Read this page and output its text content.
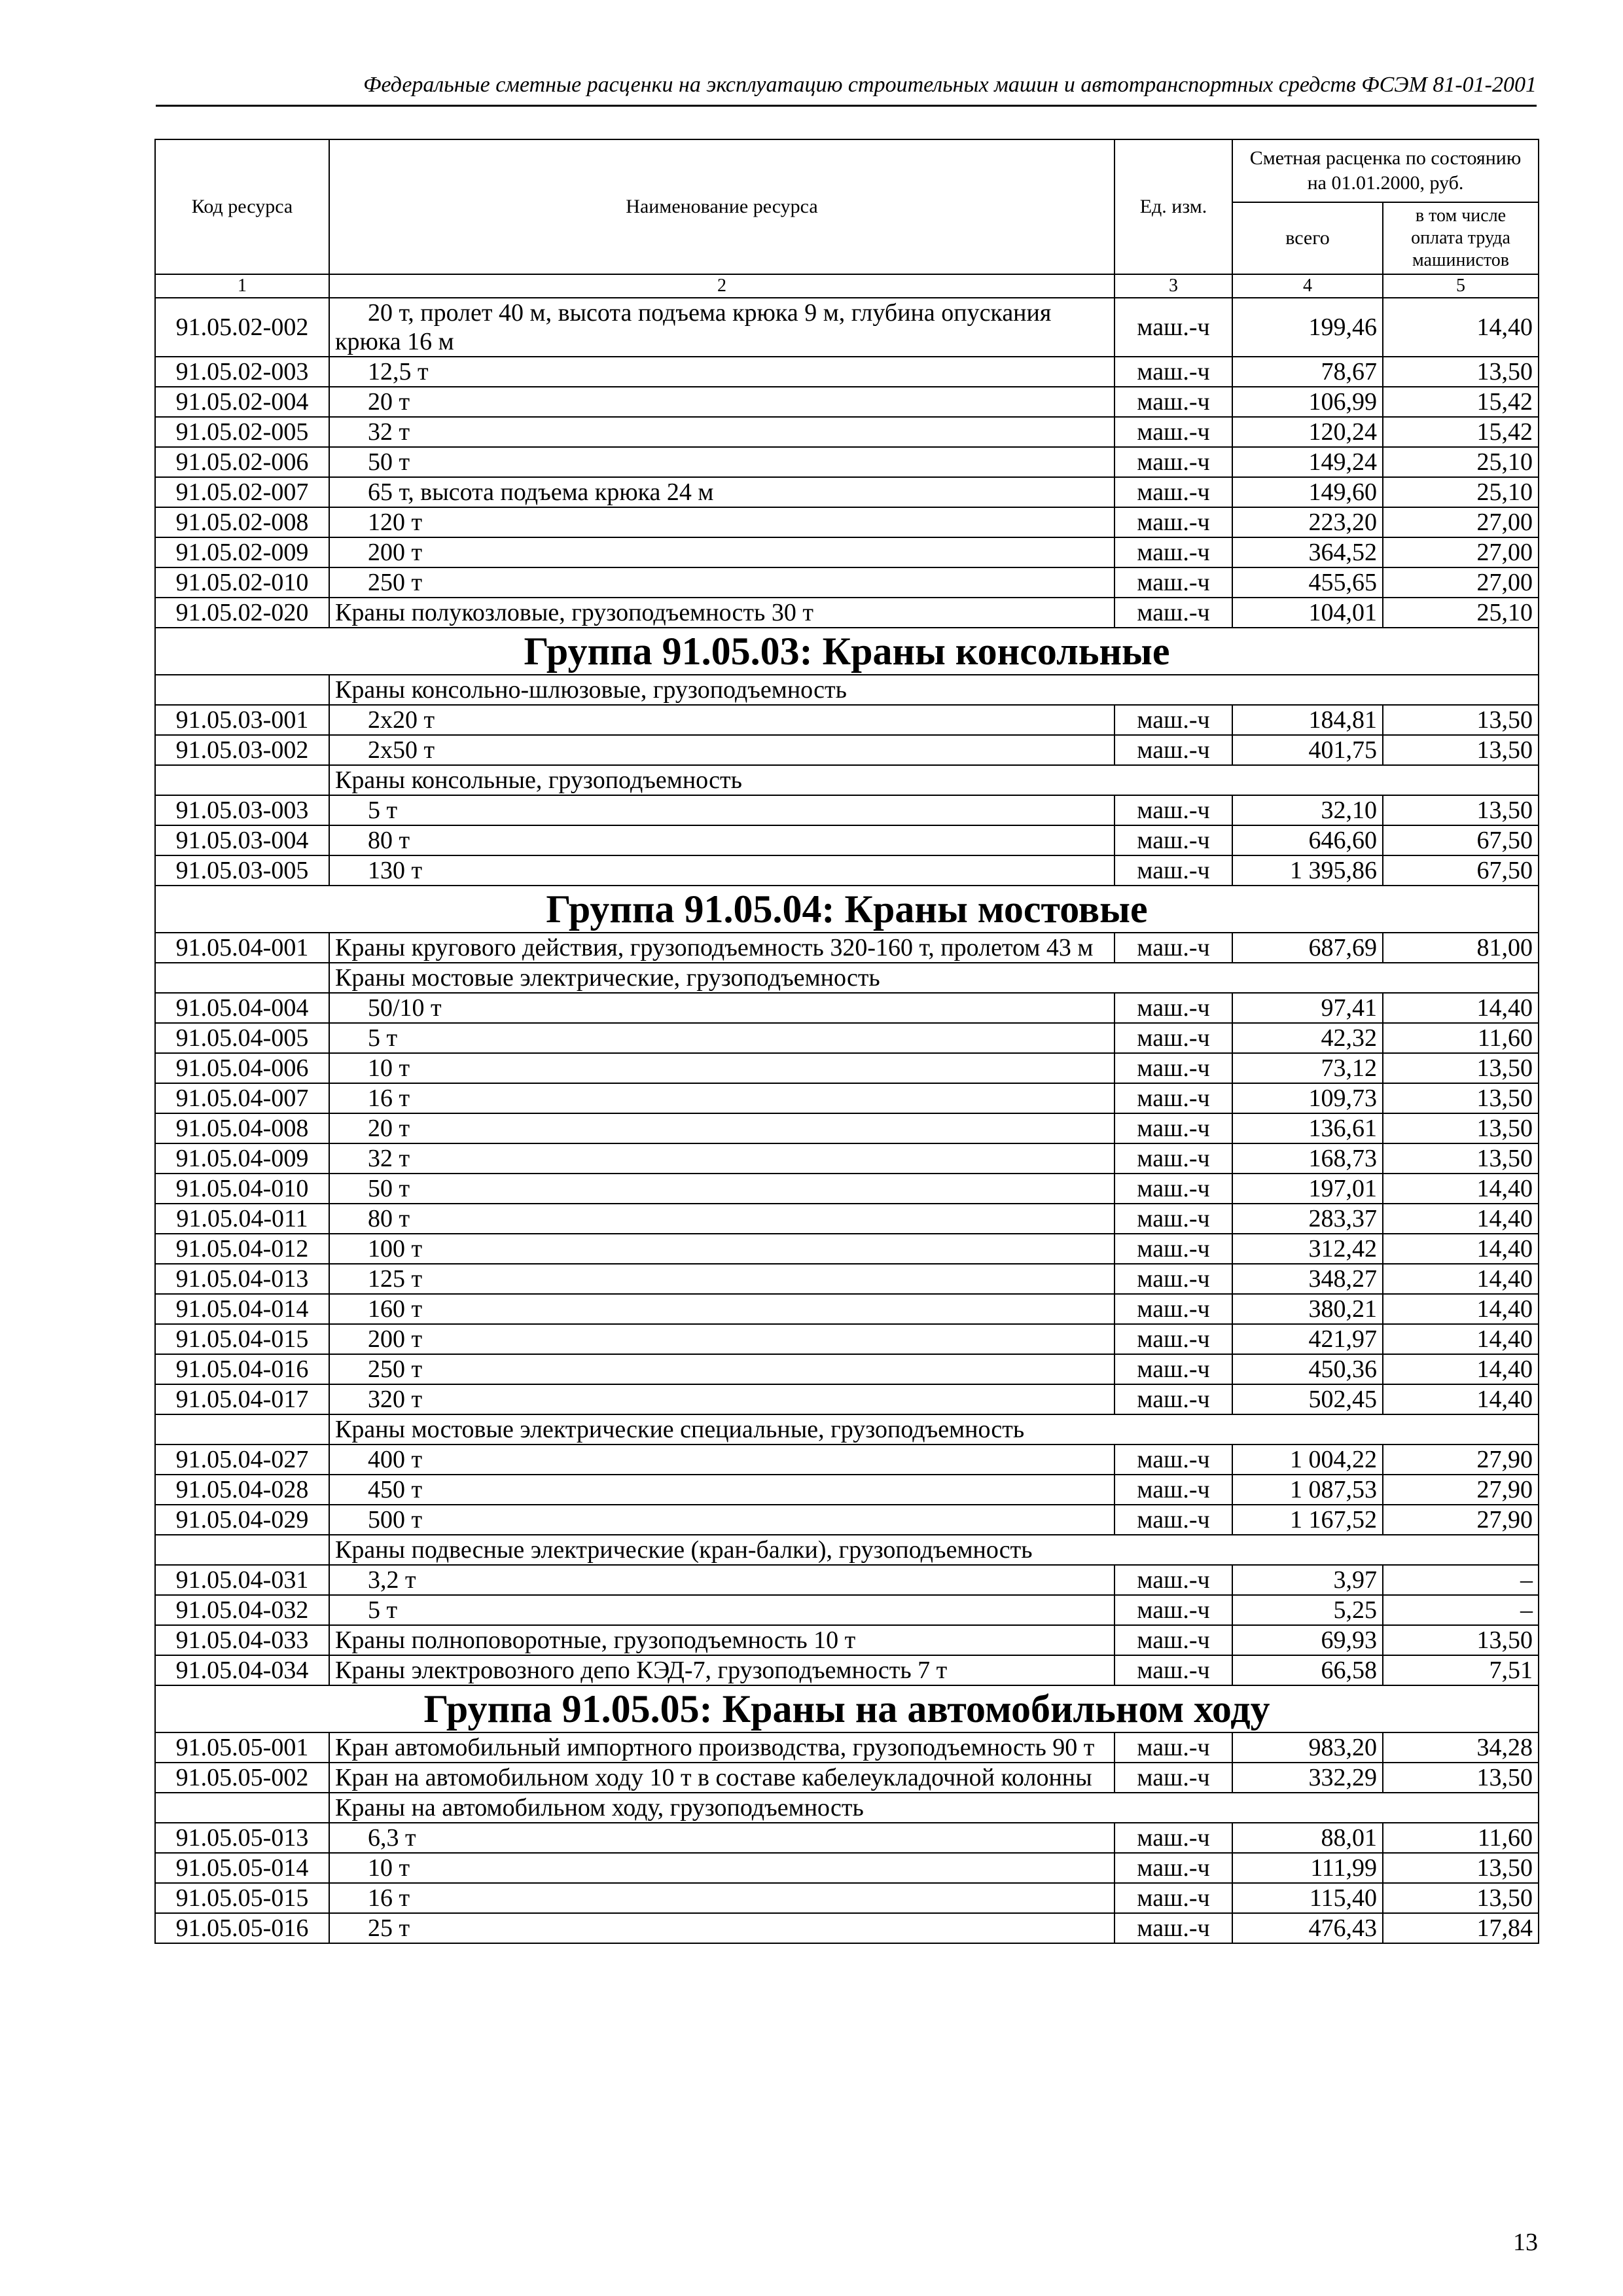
Федеральные сметные расценки на эксплуатацию строительных машин и автотранспортных средств ФСЭМ 81-01-2001
Код ресурса	Наименование ресурса	Ед. изм.	Сметная расценка по состоянию на 01.01.2000, руб.	
			всего	в том числе оплата труда машинистов
1	2	3	4	5
91.05.02-002	20 т, пролет 40 м, высота подъема крюка 9 м, глубина опускания крюка 16 м	маш.-ч	199,46	14,40
91.05.02-003	12,5 т	маш.-ч	78,67	13,50
91.05.02-004	20 т	маш.-ч	106,99	15,42
91.05.02-005	32 т	маш.-ч	120,24	15,42
91.05.02-006	50 т	маш.-ч	149,24	25,10
91.05.02-007	65 т, высота подъема крюка 24 м	маш.-ч	149,60	25,10
91.05.02-008	120 т	маш.-ч	223,20	27,00
91.05.02-009	200 т	маш.-ч	364,52	27,00
91.05.02-010	250 т	маш.-ч	455,65	27,00
91.05.02-020	Краны полукозловые, грузоподъемность 30 т	маш.-ч	104,01	25,10
Группа 91.05.03: Краны консольные				
	Краны консольно-шлюзовые, грузоподъемность			
91.05.03-001	2х20 т	маш.-ч	184,81	13,50
91.05.03-002	2х50 т	маш.-ч	401,75	13,50
	Краны консольные, грузоподъемность			
91.05.03-003	5 т	маш.-ч	32,10	13,50
91.05.03-004	80 т	маш.-ч	646,60	67,50
91.05.03-005	130 т	маш.-ч	1 395,86	67,50
Группа 91.05.04: Краны мостовые				
91.05.04-001	Краны кругового действия, грузоподъемность 320-160 т, пролетом 43 м	маш.-ч	687,69	81,00
	Краны мостовые электрические, грузоподъемность			
91.05.04-004	50/10 т	маш.-ч	97,41	14,40
91.05.04-005	5 т	маш.-ч	42,32	11,60
91.05.04-006	10 т	маш.-ч	73,12	13,50
91.05.04-007	16 т	маш.-ч	109,73	13,50
91.05.04-008	20 т	маш.-ч	136,61	13,50
91.05.04-009	32 т	маш.-ч	168,73	13,50
91.05.04-010	50 т	маш.-ч	197,01	14,40
91.05.04-011	80 т	маш.-ч	283,37	14,40
91.05.04-012	100 т	маш.-ч	312,42	14,40
91.05.04-013	125 т	маш.-ч	348,27	14,40
91.05.04-014	160 т	маш.-ч	380,21	14,40
91.05.04-015	200 т	маш.-ч	421,97	14,40
91.05.04-016	250 т	маш.-ч	450,36	14,40
91.05.04-017	320 т	маш.-ч	502,45	14,40
	Краны мостовые электрические специальные, грузоподъемность			
91.05.04-027	400 т	маш.-ч	1 004,22	27,90
91.05.04-028	450 т	маш.-ч	1 087,53	27,90
91.05.04-029	500 т	маш.-ч	1 167,52	27,90
	Краны подвесные электрические (кран-балки), грузоподъемность			
91.05.04-031	3,2 т	маш.-ч	3,97	–
91.05.04-032	5 т	маш.-ч	5,25	–
91.05.04-033	Краны полноповоротные, грузоподъемность 10 т	маш.-ч	69,93	13,50
91.05.04-034	Краны электровозного депо КЭД-7, грузоподъемность 7 т	маш.-ч	66,58	7,51
Группа 91.05.05: Краны на автомобильном ходу				
91.05.05-001	Кран автомобильный импортного производства, грузоподъемность 90 т	маш.-ч	983,20	34,28
91.05.05-002	Кран на автомобильном ходу 10 т в составе кабелеукладочной колонны	маш.-ч	332,29	13,50
	Краны на автомобильном ходу, грузоподъемность			
91.05.05-013	6,3 т	маш.-ч	88,01	11,60
91.05.05-014	10 т	маш.-ч	111,99	13,50
91.05.05-015	16 т	маш.-ч	115,40	13,50
91.05.05-016	25 т	маш.-ч	476,43	17,84
13
